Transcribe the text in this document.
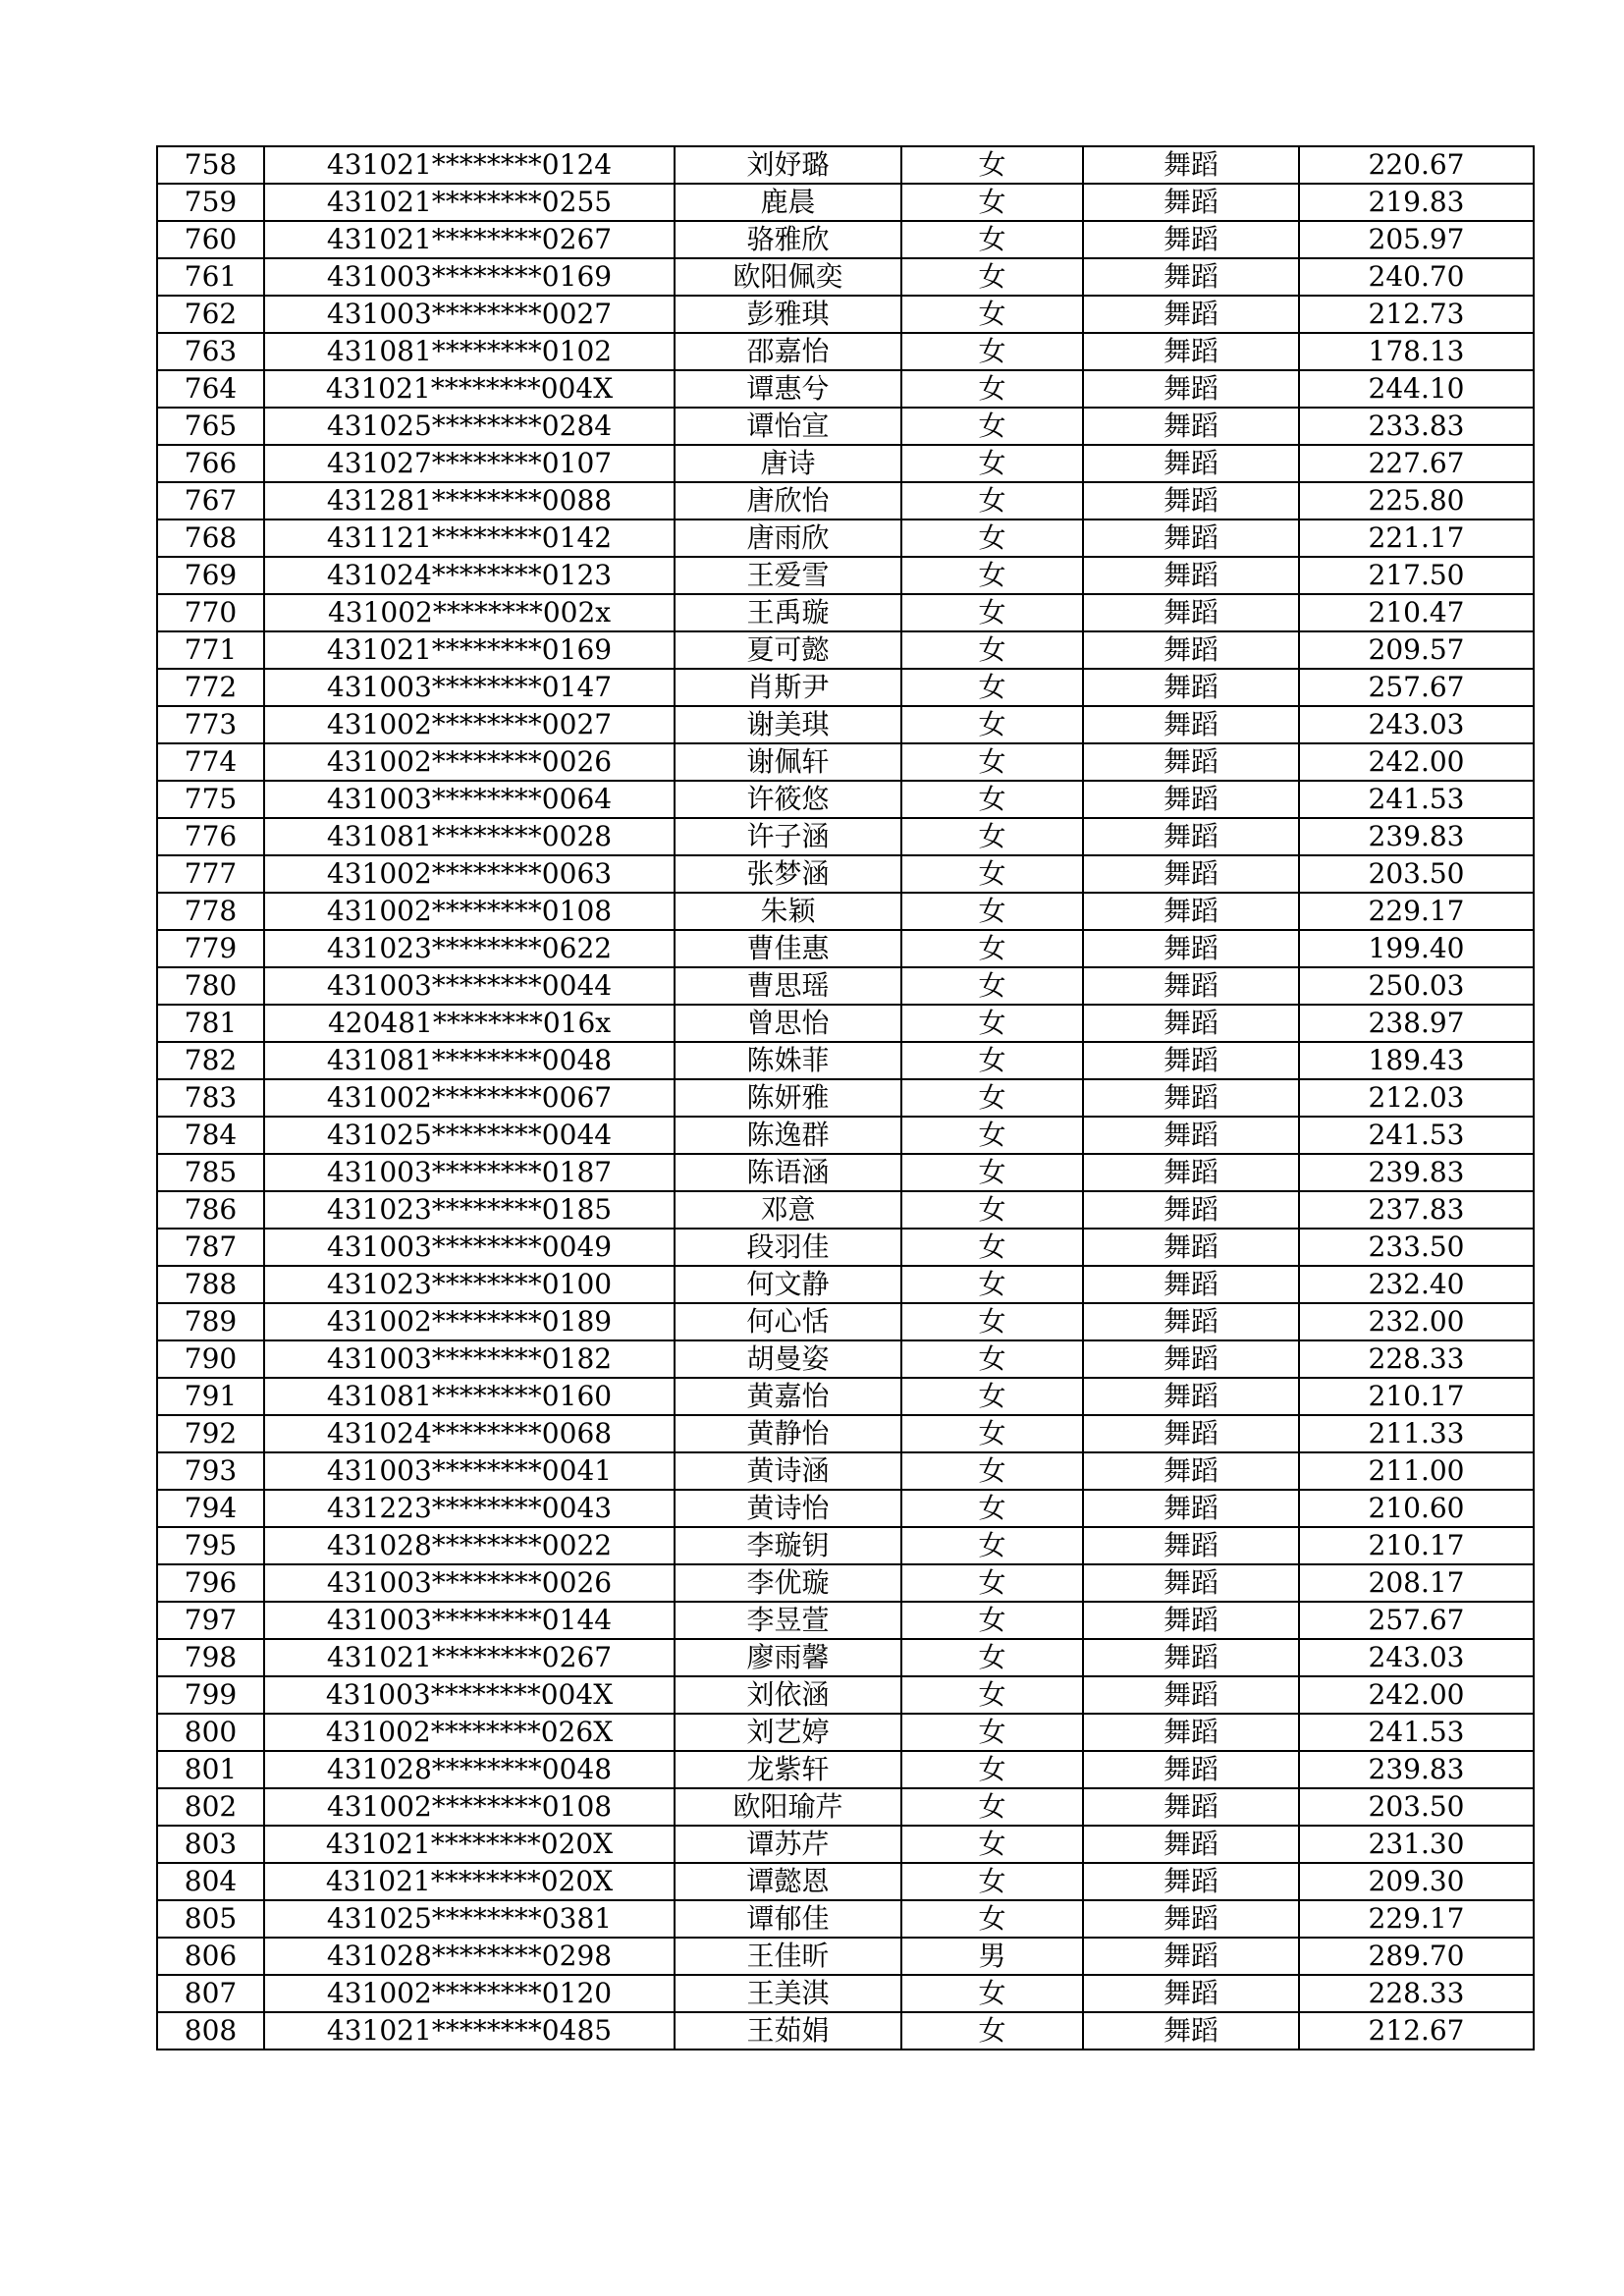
758	431021********0124	刘妤璐	女	舞蹈	220.67
759	431021********0255	鹿晨	女	舞蹈	219.83
760	431021********0267	骆雅欣	女	舞蹈	205.97
761	431003********0169	欧阳佩奕	女	舞蹈	240.70
762	431003********0027	彭雅琪	女	舞蹈	212.73
763	431081********0102	邵嘉怡	女	舞蹈	178.13
764	431021********004X	谭惠兮	女	舞蹈	244.10
765	431025********0284	谭怡宣	女	舞蹈	233.83
766	431027********0107	唐诗	女	舞蹈	227.67
767	431281********0088	唐欣怡	女	舞蹈	225.80
768	431121********0142	唐雨欣	女	舞蹈	221.17
769	431024********0123	王爱雪	女	舞蹈	217.50
770	431002********002x	王禹璇	女	舞蹈	210.47
771	431021********0169	夏可懿	女	舞蹈	209.57
772	431003********0147	肖斯尹	女	舞蹈	257.67
773	431002********0027	谢美琪	女	舞蹈	243.03
774	431002********0026	谢佩轩	女	舞蹈	242.00
775	431003********0064	许筱悠	女	舞蹈	241.53
776	431081********0028	许子涵	女	舞蹈	239.83
777	431002********0063	张梦涵	女	舞蹈	203.50
778	431002********0108	朱颖	女	舞蹈	229.17
779	431023********0622	曹佳惠	女	舞蹈	199.40
780	431003********0044	曹思瑶	女	舞蹈	250.03
781	420481********016x	曾思怡	女	舞蹈	238.97
782	431081********0048	陈姝菲	女	舞蹈	189.43
783	431002********0067	陈妍雅	女	舞蹈	212.03
784	431025********0044	陈逸群	女	舞蹈	241.53
785	431003********0187	陈语涵	女	舞蹈	239.83
786	431023********0185	邓意	女	舞蹈	237.83
787	431003********0049	段羽佳	女	舞蹈	233.50
788	431023********0100	何文静	女	舞蹈	232.40
789	431002********0189	何心恬	女	舞蹈	232.00
790	431003********0182	胡曼姿	女	舞蹈	228.33
791	431081********0160	黄嘉怡	女	舞蹈	210.17
792	431024********0068	黄静怡	女	舞蹈	211.33
793	431003********0041	黄诗涵	女	舞蹈	211.00
794	431223********0043	黄诗怡	女	舞蹈	210.60
795	431028********0022	李璇钥	女	舞蹈	210.17
796	431003********0026	李优璇	女	舞蹈	208.17
797	431003********0144	李昱萱	女	舞蹈	257.67
798	431021********0267	廖雨馨	女	舞蹈	243.03
799	431003********004X	刘依涵	女	舞蹈	242.00
800	431002********026X	刘艺婷	女	舞蹈	241.53
801	431028********0048	龙紫轩	女	舞蹈	239.83
802	431002********0108	欧阳瑜芹	女	舞蹈	203.50
803	431021********020X	谭苏芹	女	舞蹈	231.30
804	431021********020X	谭懿恩	女	舞蹈	209.30
805	431025********0381	谭郁佳	女	舞蹈	229.17
806	431028********0298	王佳昕	男	舞蹈	289.70
807	431002********0120	王美淇	女	舞蹈	228.33
808	431021********0485	王茹娟	女	舞蹈	212.67
